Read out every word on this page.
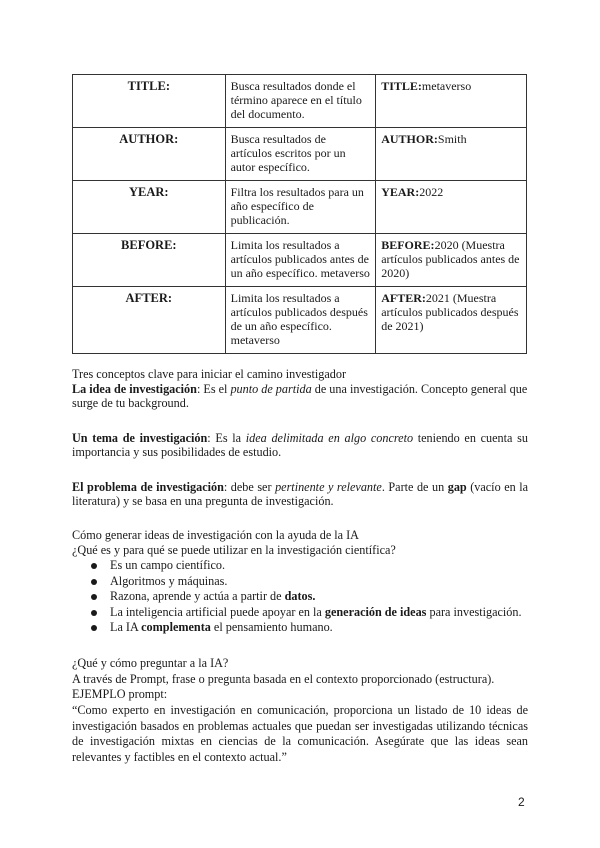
TITLE:	Busca resultados donde el término aparece en el título del documento.	TITLE:metaverso
AUTHOR:	Busca resultados de artículos escritos por un autor específico.	AUTHOR:Smith
YEAR:	Filtra los resultados para un año específico de publicación.	YEAR:2022
BEFORE:	Limita los resultados a artículos publicados antes de un año específico. metaverso	BEFORE:2020 (Muestra artículos publicados antes de 2020)
AFTER:	Limita los resultados a artículos publicados después de un año específico. metaverso	AFTER:2021 (Muestra artículos publicados después de 2021)
Tres conceptos clave para iniciar el camino investigador
La idea de investigación: Es el punto de partida de una investigación. Concepto general que surge de tu background.
Un tema de investigación: Es la idea delimitada en algo concreto teniendo en cuenta su importancia y sus posibilidades de estudio.
El problema de investigación: debe ser pertinente y relevante. Parte de un gap (vacío en la literatura) y se basa en una pregunta de investigación.
Cómo generar ideas de investigación con la ayuda de la IA
¿Qué es y para qué se puede utilizar en la investigación científica?
Es un campo científico.
Algoritmos y máquinas.
Razona, aprende y actúa a partir de datos.
La inteligencia artificial puede apoyar en la generación de ideas para investigación.
La IA complementa el pensamiento humano.
¿Qué y cómo preguntar a la IA?
A través de Prompt, frase o pregunta basada en el contexto proporcionado (estructura).
EJEMPLO prompt:
“Como experto en investigación en comunicación, proporciona un listado de 10 ideas de investigación basados en problemas actuales que puedan ser investigadas utilizando técnicas de investigación mixtas en ciencias de la comunicación. Asegúrate que las ideas sean relevantes y factibles en el contexto actual.”
2
